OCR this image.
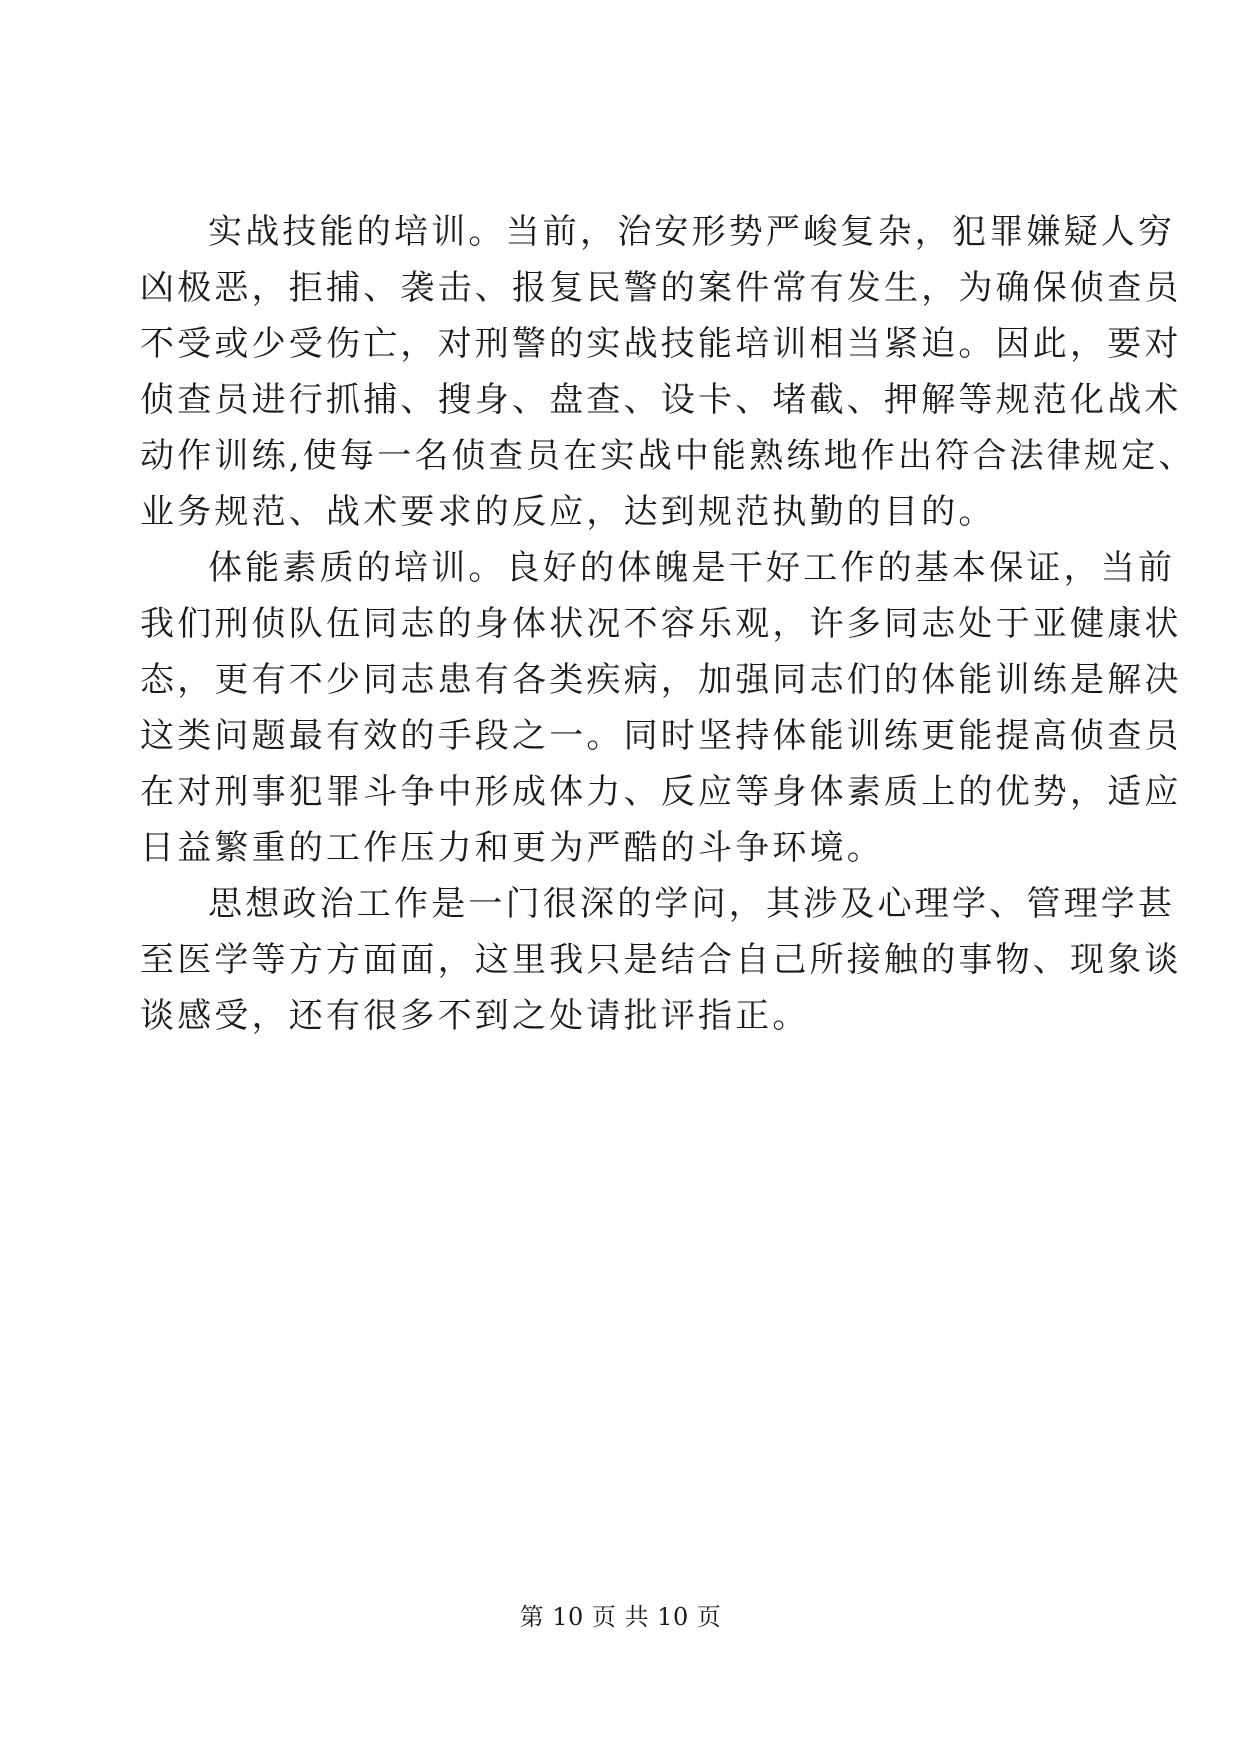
实战技能的培训。当前，治安形势严峻复杂，犯罪嫌疑人穷
凶极恶，拒捕、袭击、报复民警的案件常有发生，为确保侦查员
不受或少受伤亡，对刑警的实战技能培训相当紧迫。因此，要对
侦查员进行抓捕、搜身、盘查、设卡、堵截、押解等规范化战术
动作训练,使每一名侦查员在实战中能熟练地作出符合法律规定、
业务规范、战术要求的反应，达到规范执勤的目的。
体能素质的培训。良好的体魄是干好工作的基本保证，当前
我们刑侦队伍同志的身体状况不容乐观，许多同志处于亚健康状
态，更有不少同志患有各类疾病，加强同志们的体能训练是解决
这类问题最有效的手段之一。同时坚持体能训练更能提高侦查员
在对刑事犯罪斗争中形成体力、反应等身体素质上的优势，适应
日益繁重的工作压力和更为严酷的斗争环境。
思想政治工作是一门很深的学问，其涉及心理学、管理学甚
至医学等方方面面，这里我只是结合自己所接触的事物、现象谈
谈感受，还有很多不到之处请批评指正。
第 10 页 共 10 页
